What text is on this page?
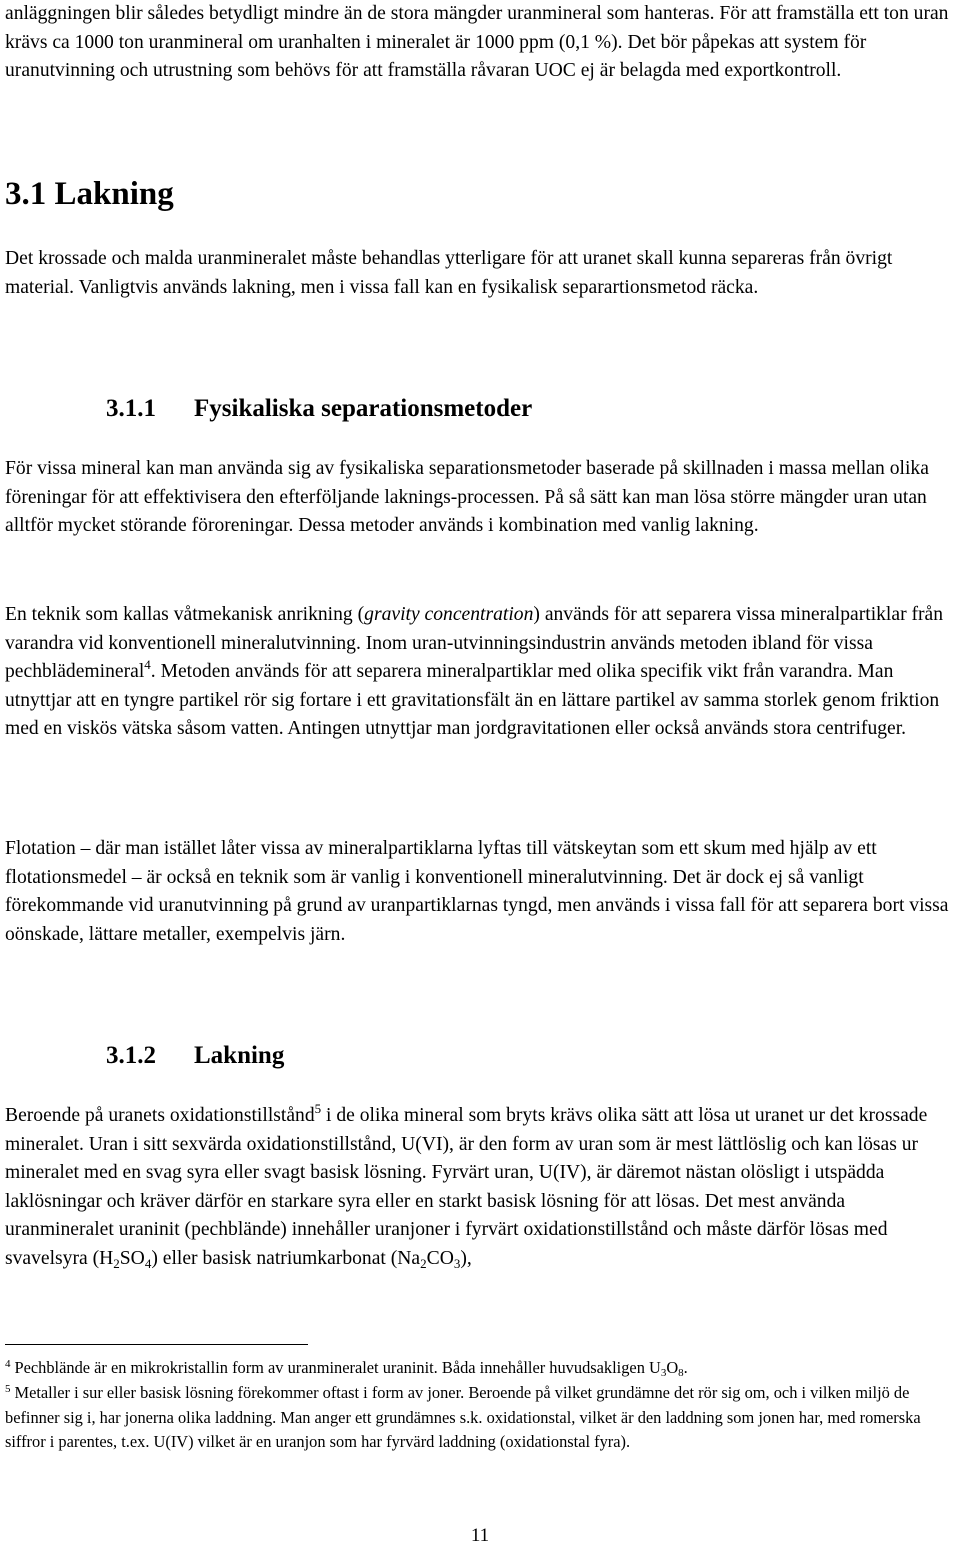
anläggningen blir således betydligt mindre än de stora mängder uranmineral som hanteras. För att framställa ett ton uran krävs ca 1000 ton uranmineral om uranhalten i mineralet är 1000 ppm (0,1 %). Det bör påpekas att system för uranutvinning och utrustning som behövs för att framställa råvaran UOC ej är belagda med exportkontroll.

3.1 Lakning

Det krossade och malda uranmineralet måste behandlas ytterligare för att uranet skall kunna separeras från övrigt material. Vanligtvis används lakning, men i vissa fall kan en fysikalisk separartionsmetod räcka.

3.1.1 Fysikaliska separationsmetoder

För vissa mineral kan man använda sig av fysikaliska separationsmetoder baserade på skillnaden i massa mellan olika föreningar för att effektivisera den efterföljande laknings-processen. På så sätt kan man lösa större mängder uran utan alltför mycket störande föroreningar. Dessa metoder används i kombination med vanlig lakning.

En teknik som kallas våtmekanisk anrikning (gravity concentration) används för att separera vissa mineralpartiklar från varandra vid konventionell mineralutvinning. Inom uran-utvinningsindustrin används metoden ibland för vissa pechblädemineral$^4$. Metoden används för att separera mineralpartiklar med olika specifik vikt från varandra. Man utnyttjar att en tyngre partikel rör sig fortare i ett gravitationsfält än en lättare partikel av samma storlek genom friktion med en viskös vätska såsom vatten. Antingen utnyttjar man jordgravitationen eller också används stora centrifuger.

Flotation – där man istället låter vissa av mineralpartiklarna lyftas till vätskeytan som ett skum med hjälp av ett flotationsmedel – är också en teknik som är vanlig i konventionell mineralutvinning. Det är dock ej så vanligt förekommande vid uranutvinning på grund av uranpartiklarnas tyngd, men används i vissa fall för att separera bort vissa oönskade, lättare metaller, exempelvis järn.

3.1.2 Lakning

Beroende på uranets oxidationstillstånd$^5$ i de olika mineral som bryts krävs olika sätt att lösa ut uranet ur det krossade mineralet. Uran i sitt sexvärda oxidationstillstånd, U(VI), är den form av uran som är mest lättlöslig och kan lösas ur mineralet med en svag syra eller svagt basisk lösning. Fyrvärt uran, U(IV), är däremot nästan olösligt i utspädda laklösningar och kräver därför en starkare syra eller en starkt basisk lösning för att lösas. Det mest använda uranmineralet uraninit (pechblände) innehåller uranjoner i fyrvärt oxidationstillstånd och måste därför lösas med svavelsyra $(H_2SO_4)$ eller basisk natriumkarbonat $(Na_2CO_3)$,

$^4$ Pechblände är en mikrokristallin form av uranmineralet uraninit. Båda innehåller huvudsakligen U3O8.

$^5$ Metaller i sur eller basisk lösning förekommer oftast i form av joner. Beroende på vilket grundämne det rör sig om, och i vilken miljö de befinner sig i, har jonerna olika laddning. Man anger ett grundämnes s.k. oxidationstal, vilket är den laddning som jonen har, med romerska siffror i parentes, t.ex. U(IV) vilket är en uranjon som har fyrvärd laddning (oxidationstal fyra).

11
